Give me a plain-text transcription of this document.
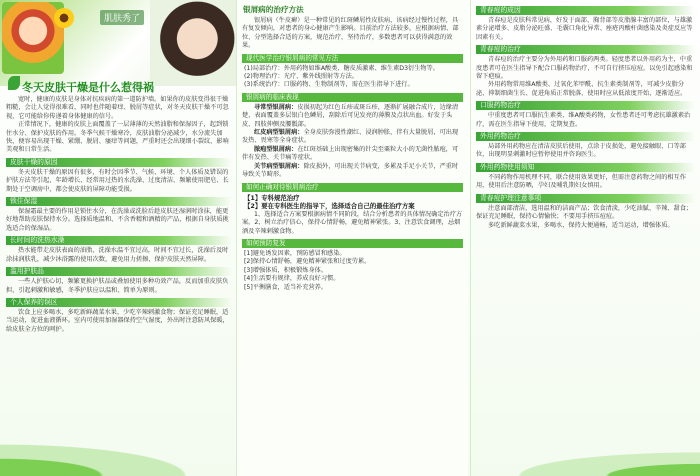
肌肤秀了
冬天皮肤干燥是什么惹得祸

宽时，健康的皮肤是身体对抗疾病的第一道防护墙。如果你的皮肤变得很干燥粗糙，会让人觉得很难看，同时也伴随着痒、脱屑等症状，对冬天皮肤干燥不可忽视，它可能给你传递着身体健康的信号。

正常情况下，健康的皮肤上面覆盖了一层薄薄的天然油脂和保湿因子，起到锁住水分、保护皮肤的作用。冬季气候干燥寒冷，皮肤油脂分泌减少，水分流失加快，便容易出现干燥、紧绷、脱屑、瘙痒等问题，严重时还会出现细小裂纹，影响美观和日常生活。

皮肤干燥的原因

冬天皮肤干燥的原因有很多，有时会因季节、气候、环境、个人体质及错误的护肤方法等引起，年龄增长、经常用过热的水洗澡、过度清洁、频繁使用肥皂、长期处于空调房中，都会使皮肤的屏障功能受损。

锁住保湿

保湿霜最主要的作用是锁住水分，在洗澡或洗脸后趁皮肤还湿润时涂抹，能更好地帮助皮肤保持水分。选择质地温和、不含香精和酒精的产品，根据自身肤质挑选适合的保湿品。

长时间的洗热水澡

热水能带走皮肤表面的油脂，洗澡水温不宜过高，时间不宜过长，洗澡后及时涂抹润肤乳，减少沐浴露的使用次数，避免用力搓擦，保护皮肤天然屏障。

滥用护肤品

一些人护肤心切，频繁更换护肤品或叠加使用多种功效产品，反而加重皮肤负担，引起刺激和敏感，冬季护肤应以温和、简单为原则。

个人保养的误区

饮食上应多喝水，多吃新鲜蔬菜水果，少吃辛辣刺激食物；保证充足睡眠，适当运动，促进血液循环。室内可使用加湿器保持空气湿度，外出时注意防风保暖，给皮肤全方位的呵护。

银屑病的治疗方法

银屑病（牛皮癣）是一种常见的红斑鳞屑性皮肤病，该病经过慢性过程，具有复发倾向，对患者的身心健康产生影响。目前治疗方法较多，应根据病情、部位、分型选择合适的方案，规范治疗，坚持治疗，多数患者可以获得满意的效果。

现代医学治疗银屑病的常见方法
(1)局部治疗：外用药物如维A酸类、糖皮质激素、维生素D3衍生物等。
(2)物理治疗：光疗、紫外线照射等方法。
(3)系统治疗：口服药物、生物制剂等，需在医生指导下进行。
银屑病的临床表现

寻常型银屑病：皮损初起为红色丘疹或斑丘疹，逐渐扩展融合成片，边缘清楚，表面覆盖多层银白色鳞屑，刮除后可见发亮的薄膜及点状出血。好发于头皮、四肢伸侧及腰骶部。

红皮病型银屑病：全身皮肤弥漫性潮红、浸润肿胀，伴有大量脱屑，可出现发热、畏寒等全身症状。

脓疱型银屑病：在红斑基础上出现密集的针尖至粟粒大小的无菌性脓疱，可伴有发热、关节痛等症状。

关节病型银屑病：除皮损外，可出现关节病变，多累及手足小关节，严重时导致关节畸形。

如何正确对待银屑病治疗
【1】专科规范治疗
【2】要在专科医生的指导下，选择适合自己的最佳治疗方案

1、选择适合方案要根据病情不同阶段，结合分析患者的具体情况确定治疗方案。2、树立治疗信心，保持心情舒畅，避免精神紧张。3、注意饮食调理，忌烟酒及辛辣刺激食物。

如何预防复发
[1]避免诱发因素，预防感冒和感染。
[2]保持心情舒畅，避免精神紧张和过度劳累。
[3]增强体质，积极锻炼身体。
[4]生活要有规律，养成良好习惯。
[5]平衡膳食，适当补充营养。
青春痘的成因

青春痘是皮肤科常见病，好发于面部、胸背部等皮脂腺丰富的部位，与雄激素分泌增多、皮脂分泌旺盛、毛囊口角化异常、痤疮丙酸杆菌感染及炎症反应等因素有关。

青春痘的治疗

青春痘的治疗主要分为外用药和口服药两类。轻度患者以外用药为主，中重度患者可在医生指导下配合口服药物治疗，不可自行挤压痘痘，以免引起感染和留下疤痕。

外用药物常用维A酸类、过氧化苯甲酰、抗生素类制剂等，可减少皮脂分泌、抑制细菌生长、促进角质正常脱落，使用时应从低浓度开始，逐渐适应。

口服药物治疗

中重度患者可口服抗生素类、维A酸类药物，女性患者还可考虑抗雄激素治疗，需在医生指导下使用，定期复查。

外用药物治疗

局部外用药物应在清洁皮肤后使用，点涂于皮损处，避免接触眼、口等部位，出现明显刺激时应暂停使用并咨询医生。

外用药物使用须知

不同药物作用机理不同，联合使用效果更好，但需注意药物之间的相互作用，使用后注意防晒，孕妇及哺乳期妇女慎用。

青春痘护理注意事项

注意面部清洁，选用温和的洁面产品；饮食清淡，少吃油腻、辛辣、甜食；保证充足睡眠，保持心情愉快；不要用手挤压痘痘。

多吃新鲜蔬菜水果，多喝水，保持大便通畅，适当运动，增强体质。
